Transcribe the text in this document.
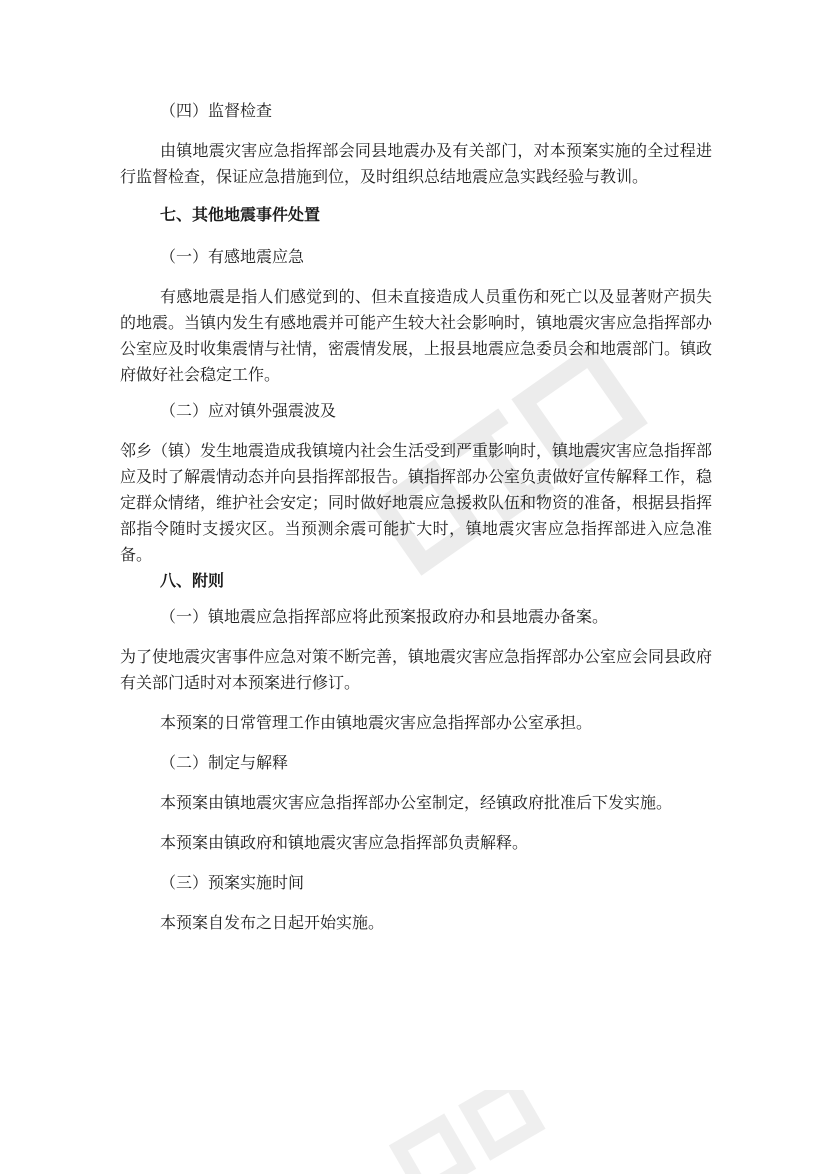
（四）监督检查
由镇地震灾害应急指挥部会同县地震办及有关部门，对本预案实施的全过程进行监督检查，保证应急措施到位，及时组织总结地震应急实践经验与教训。
七、其他地震事件处置
（一）有感地震应急
有感地震是指人们感觉到的、但未直接造成人员重伤和死亡以及显著财产损失的地震。当镇内发生有感地震并可能产生较大社会影响时，镇地震灾害应急指挥部办公室应及时收集震情与社情，密震情发展，上报县地震应急委员会和地震部门。镇政府做好社会稳定工作。
（二）应对镇外强震波及
邻乡（镇）发生地震造成我镇境内社会生活受到严重影响时，镇地震灾害应急指挥部应及时了解震情动态并向县指挥部报告。镇指挥部办公室负责做好宣传解释工作，稳定群众情绪，维护社会安定；同时做好地震应急援救队伍和物资的准备，根据县指挥部指令随时支援灾区。当预测余震可能扩大时，镇地震灾害应急指挥部进入应急准备。
八、附则
（一）镇地震应急指挥部应将此预案报政府办和县地震办备案。
为了使地震灾害事件应急对策不断完善，镇地震灾害应急指挥部办公室应会同县政府有关部门适时对本预案进行修订。
本预案的日常管理工作由镇地震灾害应急指挥部办公室承担。
（二）制定与解释
本预案由镇地震灾害应急指挥部办公室制定，经镇政府批准后下发实施。
本预案由镇政府和镇地震灾害应急指挥部负责解释。
（三）预案实施时间
本预案自发布之日起开始实施。
